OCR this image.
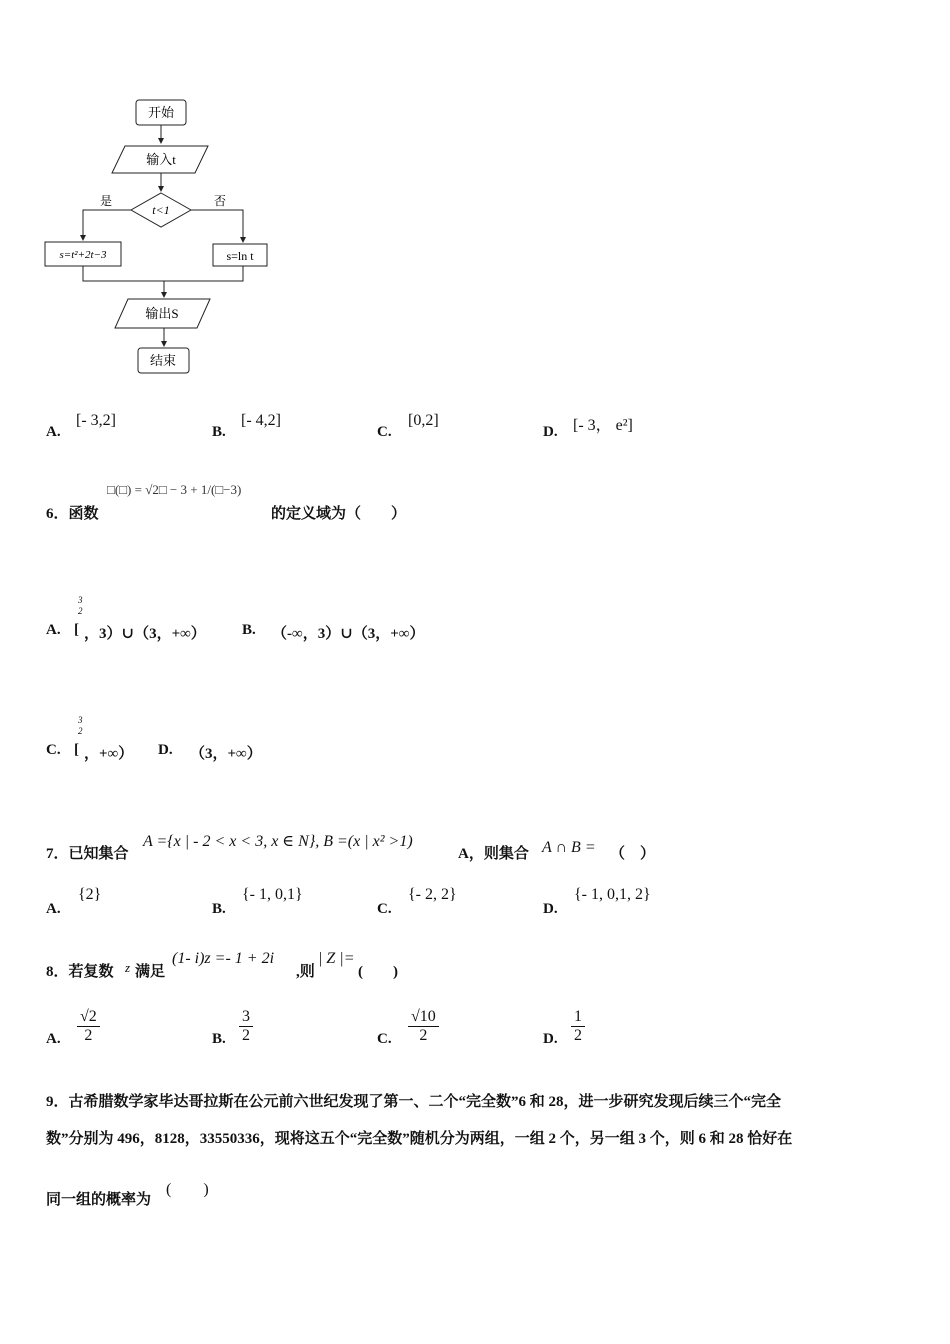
开始
输入t
t<1
是	否
s=t²+2t−3	s=ln t
输出S
结束
A.
[- 3,2]
B.
[- 4,2]
C.
[0,2]
D. [- 3， e²]
6．函数
□(□) = √2□ − 3 + 1/(□−3)
的定义域为（　　）
A.
3
2
[ ，3）∪（3，+∞） B. （-∞，3）∪（3，+∞）
C.
3
2
[ ，+∞） D. （3，+∞）
7．已知集合
A ={x | - 2 < x < 3, x ∈ N}, B =(x | x² >1)
A，则集合 A ∩ B = （　）
A.
{2}
B.
{- 1, 0,1}
C.
{- 2, 2}
D.
{- 1, 0,1, 2}
8．若复数 z 满足
(1- i)z =- 1 + 2i
,则
| Z |=
(　　)
A. $\frac{√2}{2}$	B. $\frac{3}{2}$	C. $\frac{√10}{2}$	D. $\frac{1}{2}$
9．古希腊数学家毕达哥拉斯在公元前六世纪发现了第一、二个“完全数”6 和 28，进一步研究发现后续三个“完全
数”分别为 496，8128，33550336，现将这五个“完全数”随机分为两组，一组 2 个，另一组 3 个，则 6 和 28 恰好在
同一组的概率为
(　　)
